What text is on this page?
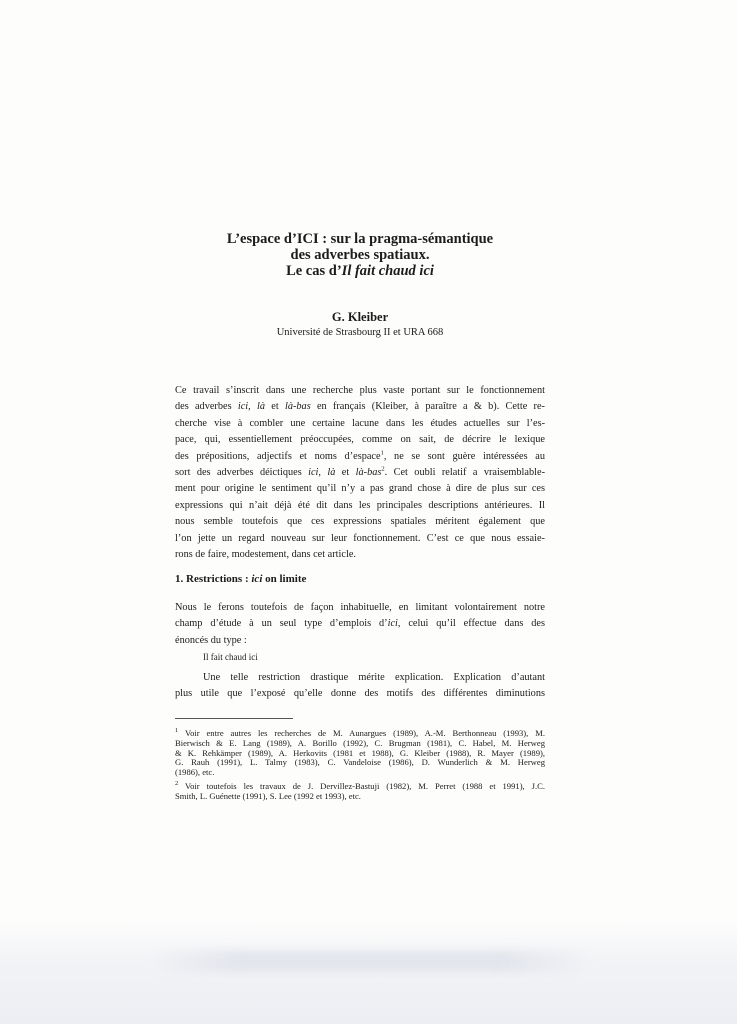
L’espace d’ICI : sur la pragma-sémantique
des adverbes spatiaux.
Le cas d’Il fait chaud ici
G. Kleiber
Université de Strasbourg II et URA 668
Ce travail s’inscrit dans une recherche plus vaste portant sur le fonctionnement
des adverbes ici, là et là-bas en français (Kleiber, à paraître a & b). Cette re-
cherche vise à combler une certaine lacune dans les études actuelles sur l’es-
pace, qui, essentiellement préoccupées, comme on sait, de décrire le lexique
des prépositions, adjectifs et noms d’espace$^1$, ne se sont guère intéressées au
sort des adverbes déictiques ici, là et là-bas$^2$. Cet oubli relatif a vraisemblable-
ment pour origine le sentiment qu’il n’y a pas grand chose à dire de plus sur ces
expressions qui n’ait déjà été dit dans les principales descriptions antérieures. Il
nous semble toutefois que ces expressions spatiales méritent également que
l’on jette un regard nouveau sur leur fonctionnement. C’est ce que nous essaie-
rons de faire, modestement, dans cet article.
1. Restrictions : ici on limite
Nous le ferons toutefois de façon inhabituelle, en limitant volontairement notre
champ d’étude à un seul type d’emplois d’ici, celui qu’il effectue dans des
énoncés du type :
Il fait chaud ici
Une telle restriction drastique mérite explication. Explication d’autant
plus utile que l’exposé qu’elle donne des motifs des différentes diminutions
$^1$ Voir entre autres les recherches de M. Aunargues (1989), A.-M. Berthonneau (1993), M.
Bierwisch & E. Lang (1989), A. Borillo (1992), C. Brugman (1981), C. Habel, M. Herweg
& K. Rehkämper (1989), A. Herkovits (1981 et 1988), G. Kleiber (1988), R. Mayer (1989),
G. Rauh (1991), L. Talmy (1983), C. Vandeloise (1986), D. Wunderlich & M. Herweg
(1986), etc.
$^2$ Voir toutefois les travaux de J. Dervillez-Bastuji (1982), M. Perret (1988 et 1991), J.C.
Smith, L. Guénette (1991), S. Lee (1992 et 1993), etc.
